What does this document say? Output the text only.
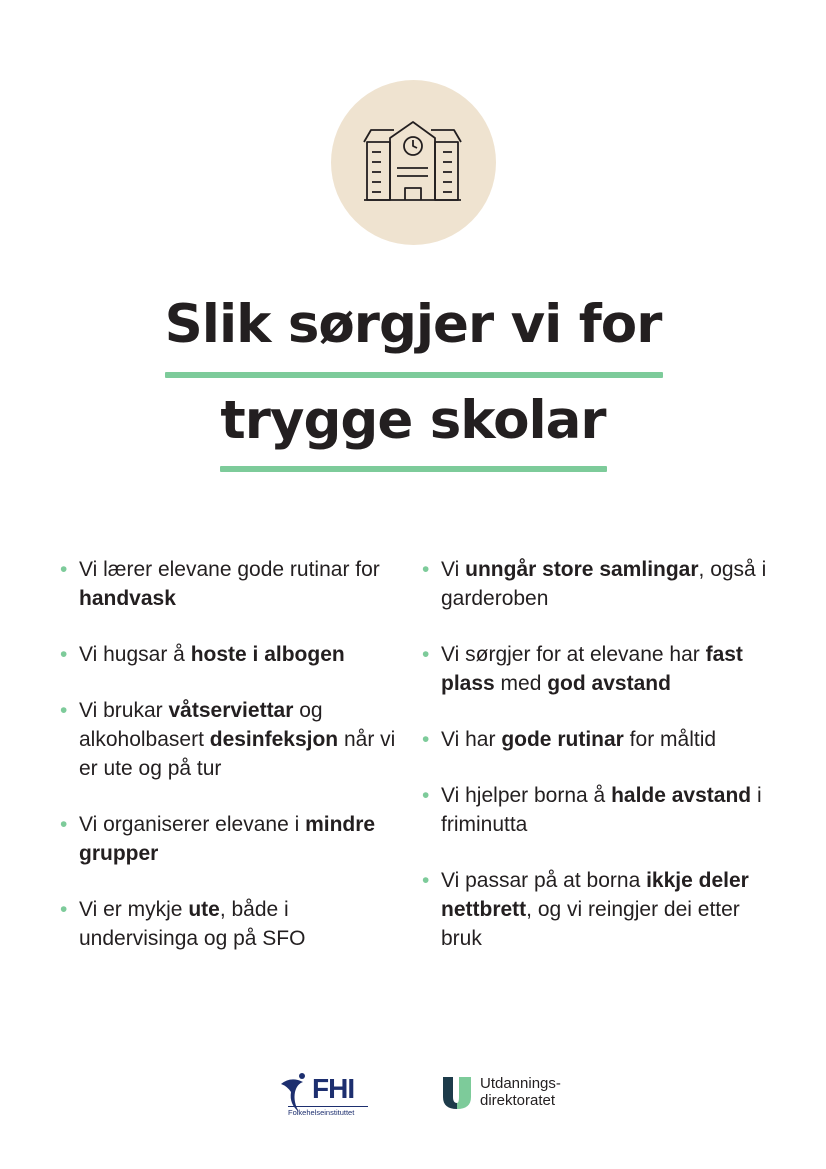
Slik sørgjer vi for
trygge skolar
• Vi lærer elevane gode rutinar for handvask
• Vi hugsar å hoste i albogen
• Vi brukar våtserviettar og alkoholbasert desinfeksjon når vi er ute og på tur
• Vi organiserer elevane i mindre grupper
• Vi er mykje ute, både i undervisinga og på SFO
• Vi unngår store samlingar, også i garderoben
• Vi sørgjer for at elevane har fast plass med god avstand
• Vi har gode rutinar for måltid
• Vi hjelper borna å halde avstand i friminutta
• Vi passar på at borna ikkje deler nettbrett, og vi reingjer dei etter bruk
FHI
Folkehelseinstituttet
Utdannings-
direktoratet
